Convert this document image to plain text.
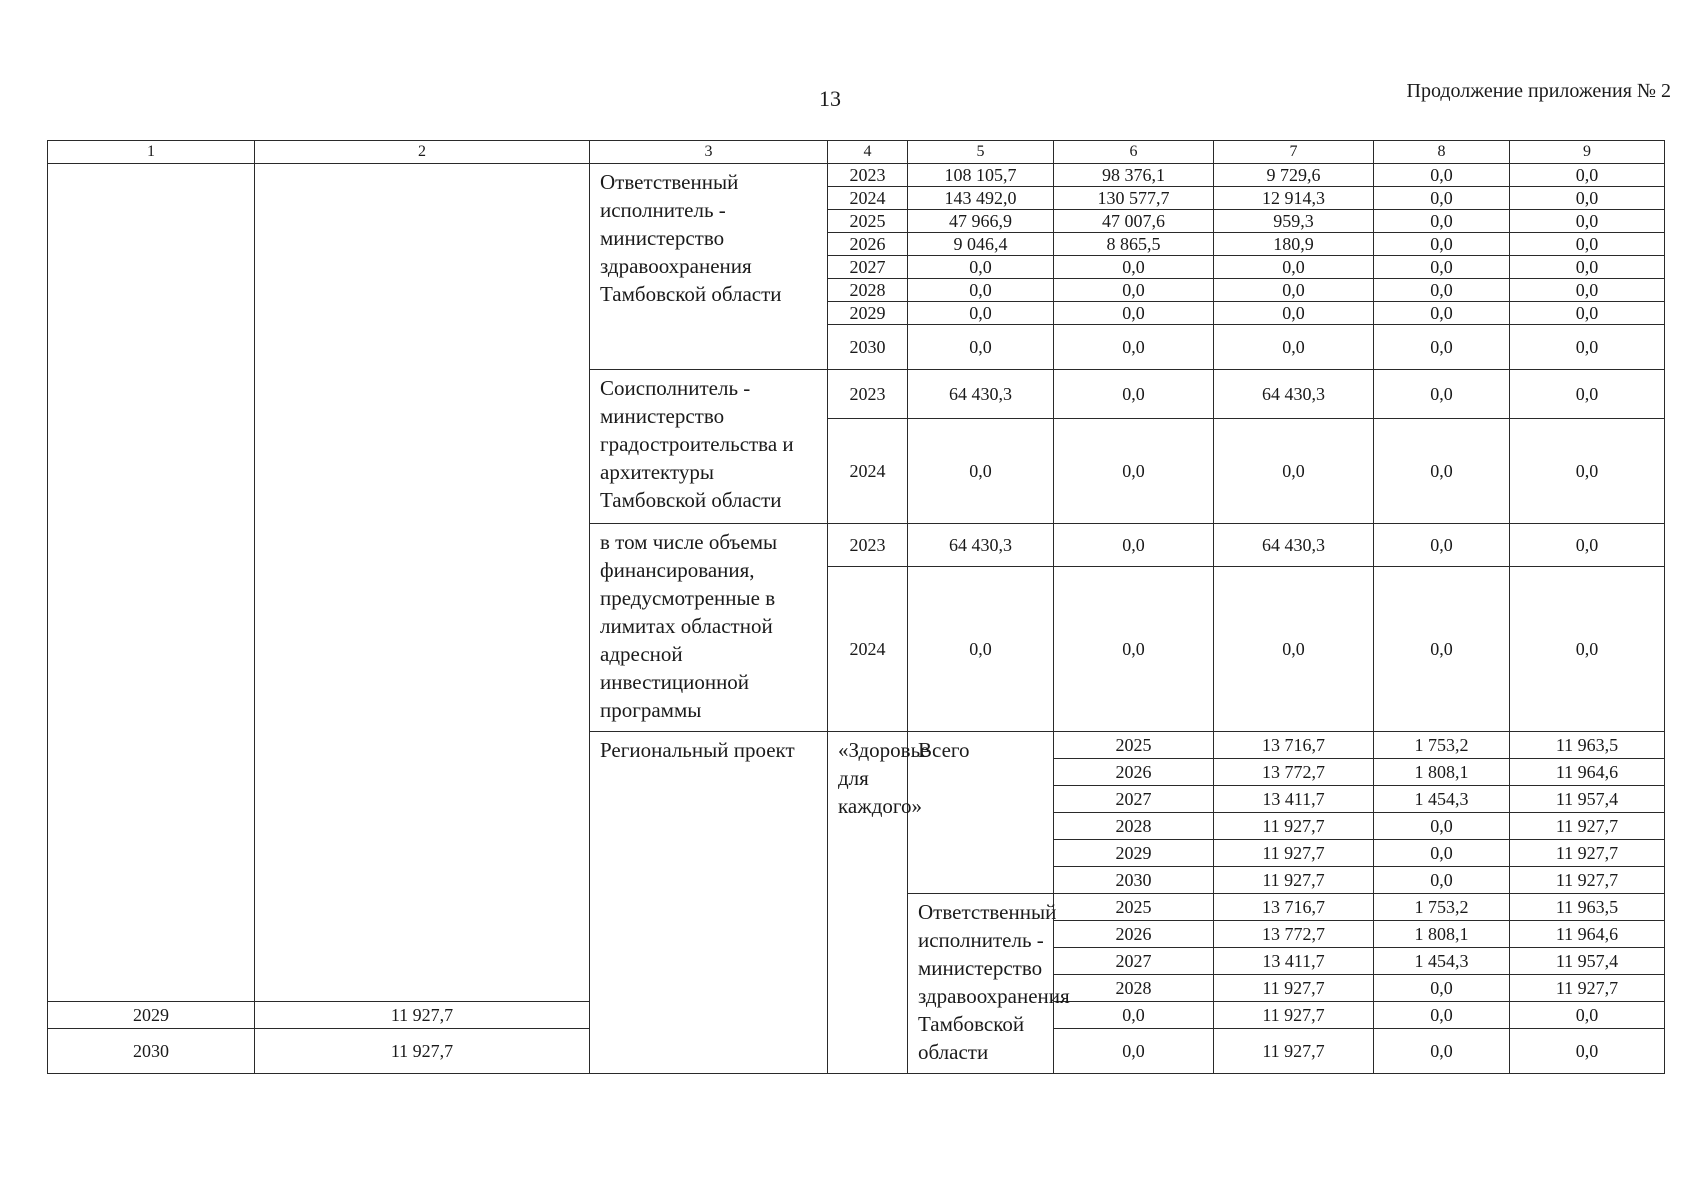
13	Продолжение приложения № 2
1	2	3	4	5	6	7	8	9	
		Ответственный исполнитель - министерство здравоохранения Тамбовской области	2023	108 105,7	98 376,1	9 729,6	0,0	0,0	
			2024	143 492,0	130 577,7	12 914,3	0,0	0,0	
			2025	47 966,9	47 007,6	959,3	0,0	0,0	
			2026	9 046,4	8 865,5	180,9	0,0	0,0	
			2027	0,0	0,0	0,0	0,0	0,0	
			2028	0,0	0,0	0,0	0,0	0,0	
			2029	0,0	0,0	0,0	0,0	0,0	
			2030	0,0	0,0	0,0	0,0	0,0	
		Соисполнитель - министерство градостроительства и архитектуры Тамбовской области	2023	64 430,3	0,0	64 430,3	0,0	0,0	
			2024	0,0	0,0	0,0	0,0	0,0	
		в том числе объемы финансирования, предусмотренные в лимитах областной адресной инвестиционной программы	2023	64 430,3	0,0	64 430,3	0,0	0,0	
			2024	0,0	0,0	0,0	0,0	0,0	
		Региональный проект	«Здоровье для каждого»	Всего	2025	13 716,7	1 753,2	11 963,5		
					2026	13 772,7	1 808,1	11 964,6		
					2027	13 411,7	1 454,3	11 957,4		
					2028	11 927,7	0,0	11 927,7		
					2029	11 927,7	0,0	11 927,7		
					2030	11 927,7	0,0	11 927,7		
				Ответственный исполнитель - министерство здравоохранения Тамбовской области	2025	13 716,7	1 753,2	11 963,5		
					2026	13 772,7	1 808,1	11 964,6		
					2027	13 411,7	1 454,3	11 957,4		
					2028	11 927,7	0,0	11 927,7		
2029	11 927,7				0,0	11 927,7	0,0	0,0	
2030	11 927,7				0,0	11 927,7	0,0	0,0	
